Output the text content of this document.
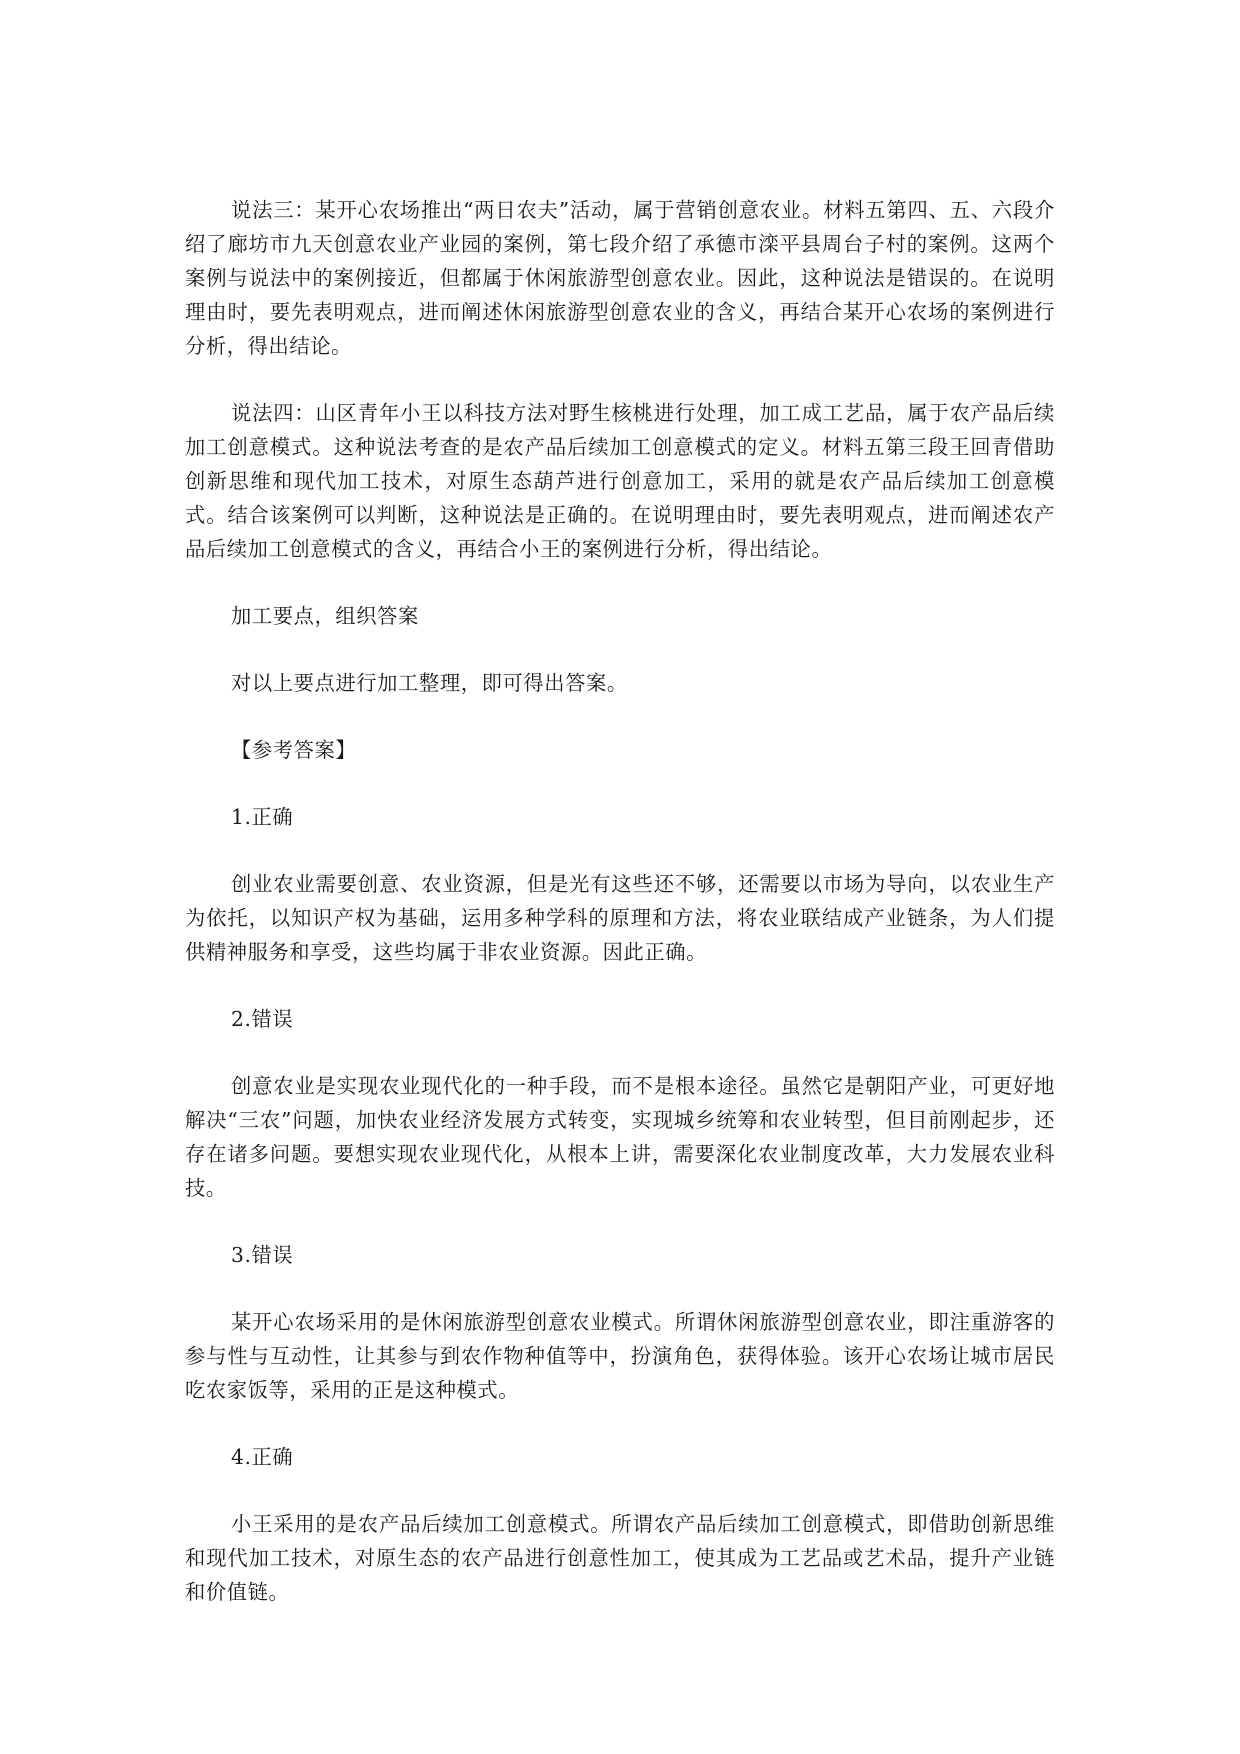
说法三：某开心农场推出“两日农夫”活动，属于营销创意农业。材料五第四、五、六段介绍了廊坊市九天创意农业产业园的案例，第七段介绍了承德市滦平县周台子村的案例。这两个案例与说法中的案例接近，但都属于休闲旅游型创意农业。因此，这种说法是错误的。在说明理由时，要先表明观点，进而阐述休闲旅游型创意农业的含义，再结合某开心农场的案例进行分析，得出结论。

说法四：山区青年小王以科技方法对野生核桃进行处理，加工成工艺品，属于农产品后续加工创意模式。这种说法考查的是农产品后续加工创意模式的定义。材料五第三段王回青借助创新思维和现代加工技术，对原生态葫芦进行创意加工，采用的就是农产品后续加工创意模式。结合该案例可以判断，这种说法是正确的。在说明理由时，要先表明观点，进而阐述农产品后续加工创意模式的含义，再结合小王的案例进行分析，得出结论。

加工要点，组织答案

对以上要点进行加工整理，即可得出答案。

【参考答案】

1.正确

创业农业需要创意、农业资源，但是光有这些还不够，还需要以市场为导向，以农业生产为依托，以知识产权为基础，运用多种学科的原理和方法，将农业联结成产业链条，为人们提供精神服务和享受，这些均属于非农业资源。因此正确。

2.错误

创意农业是实现农业现代化的一种手段，而不是根本途径。虽然它是朝阳产业，可更好地解决“三农”问题，加快农业经济发展方式转变，实现城乡统筹和农业转型，但目前刚起步，还存在诸多问题。要想实现农业现代化，从根本上讲，需要深化农业制度改革，大力发展农业科技。

3.错误

某开心农场采用的是休闲旅游型创意农业模式。所谓休闲旅游型创意农业，即注重游客的参与性与互动性，让其参与到农作物种值等中，扮演角色，获得体验。该开心农场让城市居民吃农家饭等，采用的正是这种模式。

4.正确

小王采用的是农产品后续加工创意模式。所谓农产品后续加工创意模式，即借助创新思维和现代加工技术，对原生态的农产品进行创意性加工，使其成为工艺品或艺术品，提升产业链和价值链。
